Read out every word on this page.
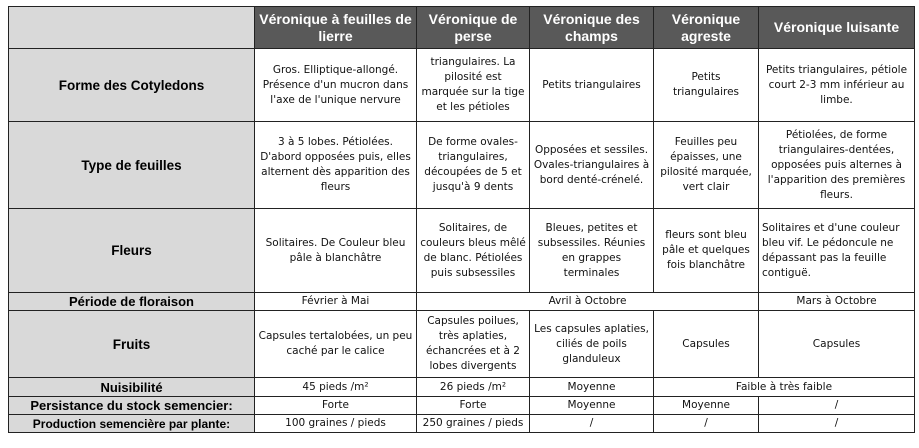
	Véronique à feuilles de lierre	Véronique de perse	Véronique des champs	Véronique agreste	Véronique luisante
Forme des Cotyledons	Gros. Elliptique-allongé. Présence d'un mucron dans l'axe de l'unique nervure	triangulaires. La pilosité est marquée sur la tige et les pétioles	Petits triangulaires	Petits triangulaires	Petits triangulaires, pétiole court 2-3 mm inférieur au limbe.
Type de feuilles	3 à 5 lobes. Pétiolées. D'abord opposées puis, elles alternent dès apparition des fleurs	De forme ovales-triangulaires, découpées de 5 et jusqu'à 9 dents	Opposées et sessiles. Ovales-triangulaires à bord denté-crénelé.	Feuilles peu épaisses, une pilosité marquée, vert clair	Pétiolées, de forme triangulaires-dentées, opposées puis alternes à l'apparition des premières fleurs.
Fleurs	Solitaires. De Couleur bleu pâle à blanchâtre	Solitaires, de couleurs bleus mêlé de blanc. Pétiolées puis subsessiles	Bleues, petites et subsessiles. Réunies en grappes terminales	fleurs sont bleu pâle et quelques fois blanchâtre	Solitaires et d'une couleur bleu vif. Le pédoncule ne dépassant pas la feuille contiguë.
Période de floraison	Février à Mai	Avril à Octobre			Mars à Octobre
Fruits	Capsules tertalobées, un peu caché par le calice	Capsules poilues, très aplaties, échancrées et à 2 lobes divergents	Les capsules aplaties, ciliés de poils glanduleux	Capsules	Capsules
Nuisibilité	45 pieds /m²	26 pieds /m²	Moyenne	Faible à très faible	
Persistance du stock semencier:	Forte	Forte	Moyenne	Moyenne	/
Production semencière par plante:	100 graines / pieds	250 graines / pieds	/	/	/
